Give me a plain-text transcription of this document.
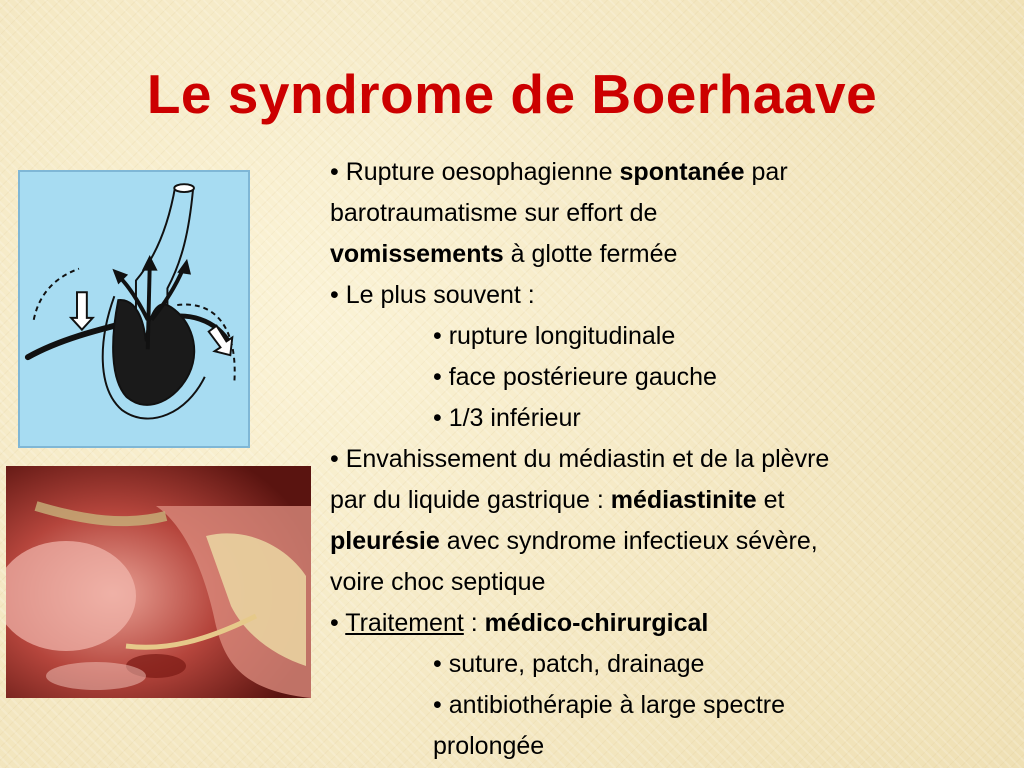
Le syndrome de Boerhaave
• Rupture oesophagienne spontanée par
barotraumatisme sur effort de
vomissements à glotte fermée
• Le plus souvent :
• rupture longitudinale
• face postérieure gauche
• 1/3 inférieur
• Envahissement du médiastin et de la plèvre
par du liquide gastrique : médiastinite et
pleurésie avec syndrome infectieux sévère,
voire choc septique
• Traitement : médico-chirurgical
• suture, patch, drainage
• antibiothérapie à large spectre
prolongée
